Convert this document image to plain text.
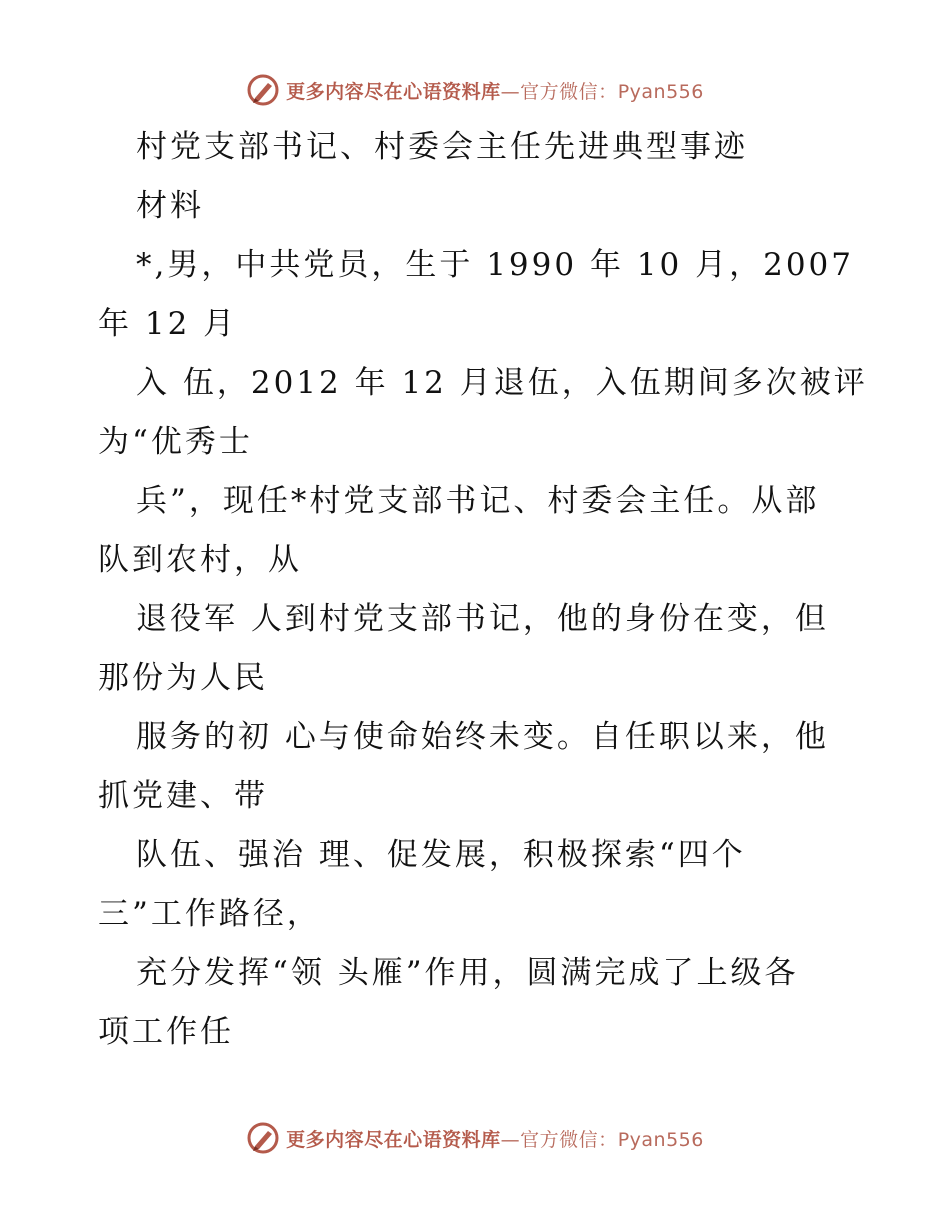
更多内容尽在心语资料库—官方微信：Pyan556
村党支部书记、村委会主任先进典型事迹
材料
*,男，中共党员，生于 1990 年 10 月，2007
年 12 月
入 伍，2012 年 12 月退伍，入伍期间多次被评
为“优秀士
兵”，现任*村党支部书记、村委会主任。从部
队到农村，从
退役军 人到村党支部书记，他的身份在变，但
那份为人民
服务的初 心与使命始终未变。自任职以来，他
抓党建、带
队伍、强治 理、促发展，积极探索“四个
三”工作路径，
充分发挥“领 头雁”作用，圆满完成了上级各
项工作任
更多内容尽在心语资料库—官方微信：Pyan556
